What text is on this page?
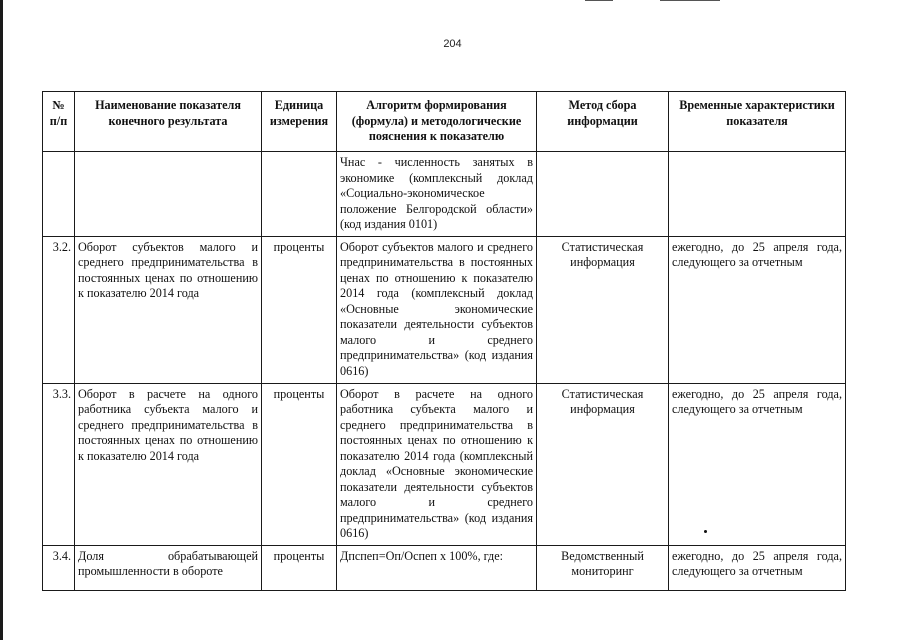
204
№ п/п	Наименование показателя конечного результата	Единица измерения	Алгоритм формирования (формула) и методологические пояснения к показателю	Метод сбора информации	Временные характеристики показателя
			Чнас - численность занятых в экономике (комплексный доклад «Социально-экономическое положение Белгородской области» (код издания 0101)		
3.2.	Оборот субъектов малого и среднего предпринимательства в постоянных ценах по отношению к показателю 2014 года	проценты	Оборот субъектов малого и среднего предпринимательства в постоянных ценах по отношению к показателю 2014 года (комплексный доклад «Основные экономические показатели деятельности субъектов малого и среднего предпринимательства» (код издания 0616)	Статистическая информация	ежегодно, до 25 апреля года, следующего за отчетным
3.3.	Оборот в расчете на одного работника субъекта малого и среднего предпринимательства в постоянных ценах по отношению к показателю 2014 года	проценты	Оборот в расчете на одного работника субъекта малого и среднего предпринимательства в постоянных ценах по отношению к показателю 2014 года (комплексный доклад «Основные экономические показатели деятельности субъектов малого и среднего предпринимательства» (код издания 0616)	Статистическая информация	ежегодно, до 25 апреля года, следующего за отчетным
3.4.	Доля обрабатывающей промышленности в обороте	проценты	Дпспеп=Оп/Оспеп х 100%, где:	Ведомственный мониторинг	ежегодно, до 25 апреля года, следующего за отчетным
